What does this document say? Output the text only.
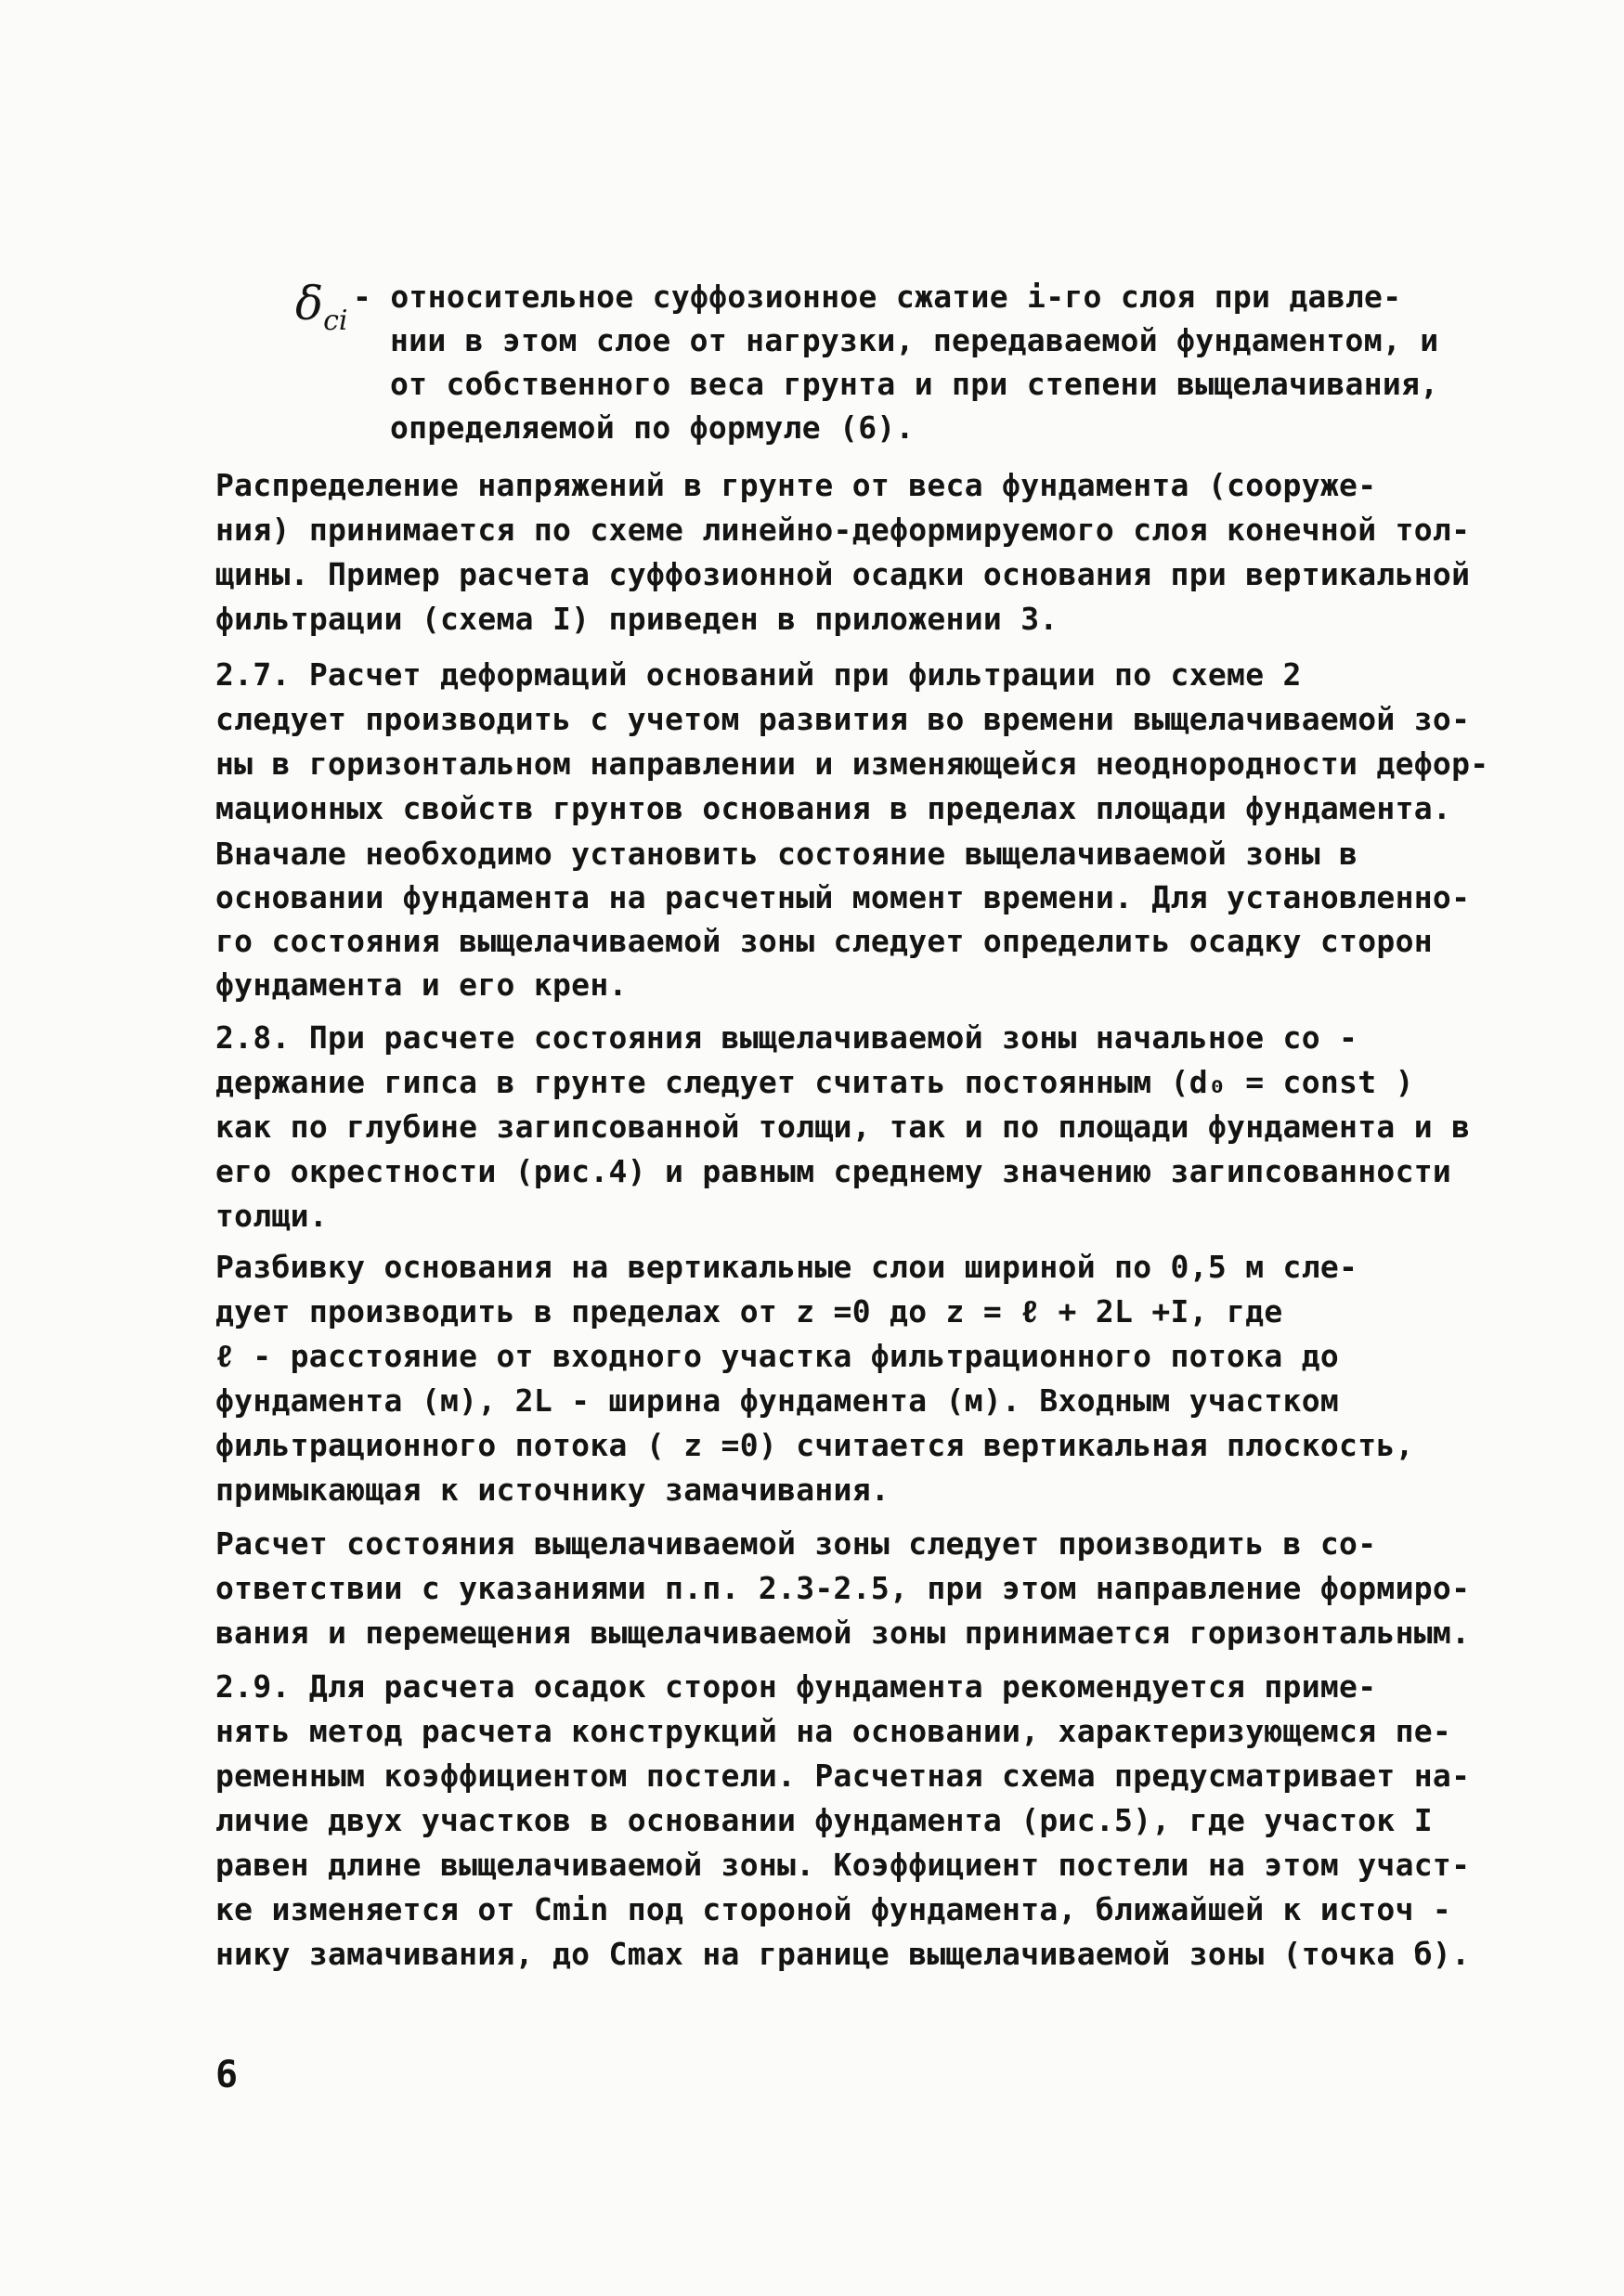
$\delta_{ci}$
- относительное суффозионное сжатие i-го слоя при давле-
нии в этом слое от нагрузки, передаваемой фундаментом, и
от собственного веса грунта и при степени выщелачивания,
определяемой по формуле (6).
Распределение напряжений в грунте от веса фундамента (сооруже-
ния) принимается по схеме линейно-деформируемого слоя конечной тол-
щины. Пример расчета суффозионной осадки основания при вертикальной
фильтрации (схема I) приведен в приложении 3.
2.7. Расчет деформаций оснований при фильтрации по схеме 2
следует производить с учетом развития во времени выщелачиваемой зо-
ны в горизонтальном направлении и изменяющейся неоднородности дефор-
мационных свойств грунтов основания в пределах площади фундамента.
Вначале необходимо установить состояние выщелачиваемой зоны в
основании фундамента на расчетный момент времени. Для установленно-
го состояния выщелачиваемой зоны следует определить осадку сторон
фундамента и его крен.
2.8. При расчете состояния выщелачиваемой зоны начальное со -
держание гипса в грунте следует считать постоянным (d₀ = const )
как по глубине загипсованной толщи, так и по площади фундамента и в
его окрестности (рис.4) и равным среднему значению загипсованности
толщи.
Разбивку основания на вертикальные слои шириной по 0,5 м сле-
дует производить в пределах от z =0 до z = ℓ + 2L +I, где
ℓ - расстояние от входного участка фильтрационного потока до
фундамента (м), 2L - ширина фундамента (м). Входным участком
фильтрационного потока ( z =0) считается вертикальная плоскость,
примыкающая к источнику замачивания.
Расчет состояния выщелачиваемой зоны следует производить в со-
ответствии с указаниями п.п. 2.3-2.5, при этом направление формиро-
вания и перемещения выщелачиваемой зоны принимается горизонтальным.
2.9. Для расчета осадок сторон фундамента рекомендуется приме-
нять метод расчета конструкций на основании, характеризующемся пе-
ременным коэффициентом постели. Расчетная схема предусматривает на-
личие двух участков в основании фундамента (рис.5), где участок I
равен длине выщелачиваемой зоны. Коэффициент постели на этом участ-
ке изменяется от Cmin под стороной фундамента, ближайшей к источ -
нику замачивания, до Cmax на границе выщелачиваемой зоны (точка б).
6
